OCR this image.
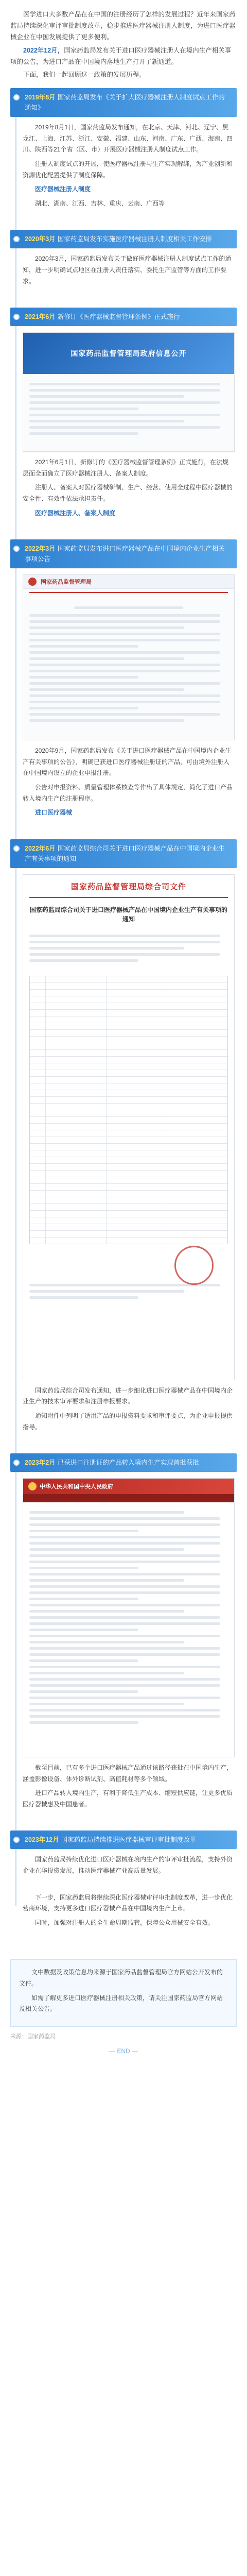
医学进口大多数产品在在中国的注册经历了怎样的发展过程？近年来国家药监局持续深化审评审批制度改革，稳步推进医疗器械注册人制度，为进口医疗器械企业在中国发展提供了更多便利。

2022年12月，国家药监局发布关于进口医疗器械注册人在境内生产相关事项的公告，为进口产品在中国境内落地生产打开了新通道。

下面，我们一起回顾这一政策的发展历程。

2019年8月 国家药监局发布《关于扩大医疗器械注册人制度试点工作的通知》

2019年8月1日，国家药监局发布通知，在北京、天津、河北、辽宁、黑龙江、上海、江苏、浙江、安徽、福建、山东、河南、广东、广西、海南、四川、陕西等21个省（区、市）开展医疗器械注册人制度试点工作。

注册人制度试点的开展，使医疗器械注册与生产实现解绑，为产业创新和资源优化配置提供了制度保障。

医疗器械注册人制度

湖北、湖南、江西、吉林、重庆、云南、广西等

2020年3月 国家药监局发布实施医疗器械注册人制度相关工作安排

2020年3月，国家药监局发布关于做好医疗器械注册人制度试点工作的通知，进一步明确试点地区在注册人责任落实、委托生产监管等方面的工作要求。

2021年6月 新修订《医疗器械监督管理条例》正式施行
国家药品监督管理局政府信息公开

2021年6月1日，新修订的《医疗器械监督管理条例》正式施行，在法规层面全面确立了医疗器械注册人、备案人制度。

注册人、备案人对医疗器械研制、生产、经营、使用全过程中医疗器械的安全性、有效性依法承担责任。

医疗器械注册人、备案人制度

2022年3月 国家药监局发布进口医疗器械产品在中国境内企业生产相关事项公告
国家药品监督管理局

2020年9月，国家药监局发布《关于进口医疗器械产品在中国境内企业生产有关事项的公告》，明确已获进口医疗器械注册证的产品，可由境外注册人在中国境内设立的企业申报注册。

公告对申报资料、质量管理体系核查等作出了具体规定，简化了进口产品转入境内生产的注册程序。

进口医疗器械

2022年6月 国家药监局综合司关于进口医疗器械产品在中国境内企业生产有关事项的通知
国家药品监督管理局综合司文件
国家药监局综合司关于进口医疗器械产品在中国境内企业生产有关事项的通知

国家药监局综合司发布通知，进一步细化进口医疗器械产品在中国境内企业生产的技术审评要求和注册申报要求。

通知附件中列明了适用产品的申报资料要求和审评要点，为企业申报提供指导。

2023年2月 已获进口注册证的产品转入境内生产实现首批获批
中华人民共和国中央人民政府

截至目前，已有多个进口医疗器械产品通过该路径获批在中国境内生产，涵盖影像设备、体外诊断试剂、高值耗材等多个领域。

进口产品转入境内生产，有利于降低生产成本、缩短供应链，让更多优质医疗器械惠及中国患者。

2023年12月 国家药监局持续推进医疗器械审评审批制度改革

国家药监局持续优化进口医疗器械在境内生产的审评审批流程，支持外资企业在华投资发展，推动医疗器械产业高质量发展。

下一步，国家药监局将继续深化医疗器械审评审批制度改革，进一步优化营商环境，支持更多进口医疗器械产品在中国境内生产上市。

同时，加强对注册人的全生命周期监管，保障公众用械安全有效。

文中数据及政策信息均来源于国家药品监督管理局官方网站公开发布的文件。

如需了解更多进口医疗器械注册相关政策，请关注国家药监局官方网站及相关公告。

来源：国家药监局
— END —
